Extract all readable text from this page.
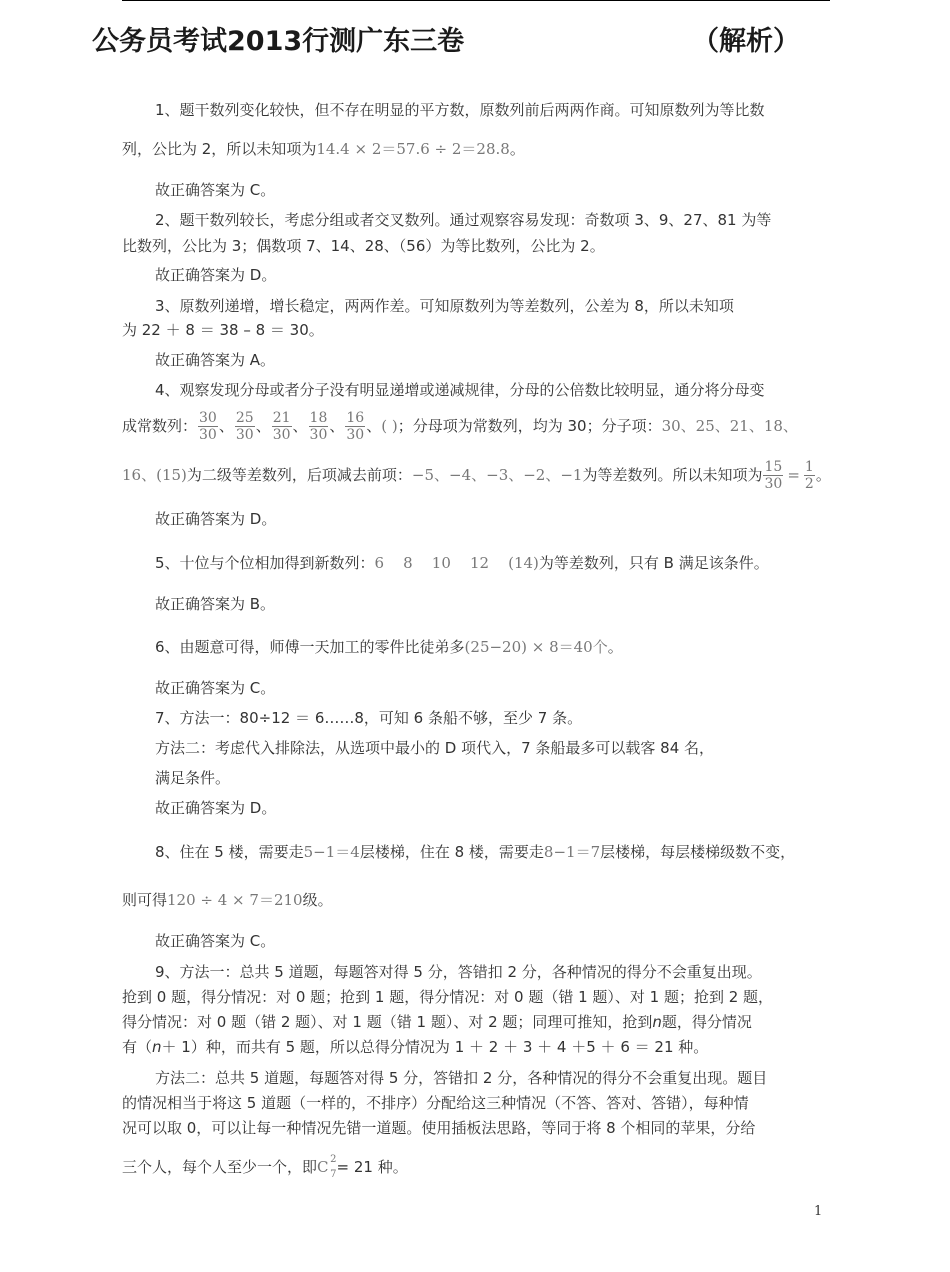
公务员考试2013行测广东三卷	（解析）
1、题干数列变化较快，但不存在明显的平方数，原数列前后两两作商。可知原数列为等比数
列，公比为 2，所以未知项为14.4 × 2＝57.6 ÷ 2＝28.8。
故正确答案为 C。
2、题干数列较长，考虑分组或者交叉数列。通过观察容易发现：奇数项 3、9、27、81 为等
比数列，公比为 3；偶数项 7、14、28、（56）为等比数列，公比为 2。
故正确答案为 D。
3、原数列递增，增长稳定，两两作差。可知原数列为等差数列，公差为 8，所以未知项
为 22 ＋ 8 ＝ 38 – 8 ＝ 30。
故正确答案为 A。
4、观察发现分母或者分子没有明显递增或递减规律，分母的公倍数比较明显，通分将分母变
成常数列： $\frac{30}{30}$ 、 $\frac{25}{30}$ 、 $\frac{21}{30}$ 、 $\frac{18}{30}$ 、 $\frac{16}{30}$ 、( )；分母项为常数列，均为 30；分子项：30、25、21、18、
16、(15)为二级等差数列，后项减去前项：−5、−4、−3、−2、−1为等差数列。所以未知项为 $\frac{15}{30} = \frac{1}{2}$ 。
故正确答案为 D。
5、十位与个位相加得到新数列：6    8    10    12    (14)为等差数列，只有 B 满足该条件。
故正确答案为 B。
6、由题意可得，师傅一天加工的零件比徒弟多(25−20) × 8＝40个。
故正确答案为 C。
7、方法一：80÷12 ＝ 6……8，可知 6 条船不够，至少 7 条。
方法二：考虑代入排除法，从选项中最小的 D 项代入，7 条船最多可以载客 84 名，
满足条件。
故正确答案为 D。
8、住在 5 楼，需要走5−1＝4层楼梯，住在 8 楼，需要走8−1＝7层楼梯，每层楼梯级数不变，
则可得120 ÷ 4 × 7＝210级。
故正确答案为 C。
9、方法一：总共 5 道题，每题答对得 5 分，答错扣 2 分，各种情况的得分不会重复出现。
抢到 0 题，得分情况：对 0 题；抢到 1 题，得分情况：对 0 题（错 1 题）、对 1 题；抢到 2 题，
得分情况：对 0 题（错 2 题）、对 1 题（错 1 题）、对 2 题；同理可推知，抢到n题，得分情况
有（n＋ 1）种，而共有 5 题，所以总得分情况为 1 ＋ 2 ＋ 3 ＋ 4 ＋5 ＋ 6 ＝ 21 种。
方法二：总共 5 道题，每题答对得 5 分，答错扣 2 分，各种情况的得分不会重复出现。题目
的情况相当于将这 5 道题（一样的，不排序）分配给这三种情况（不答、答对、答错），每种情
况可以取 0，可以让每一种情况先错一道题。使用插板法思路，等同于将 8 个相同的苹果，分给
三个人，每个人至少一个，即C 2
7 = 21 种。
1
